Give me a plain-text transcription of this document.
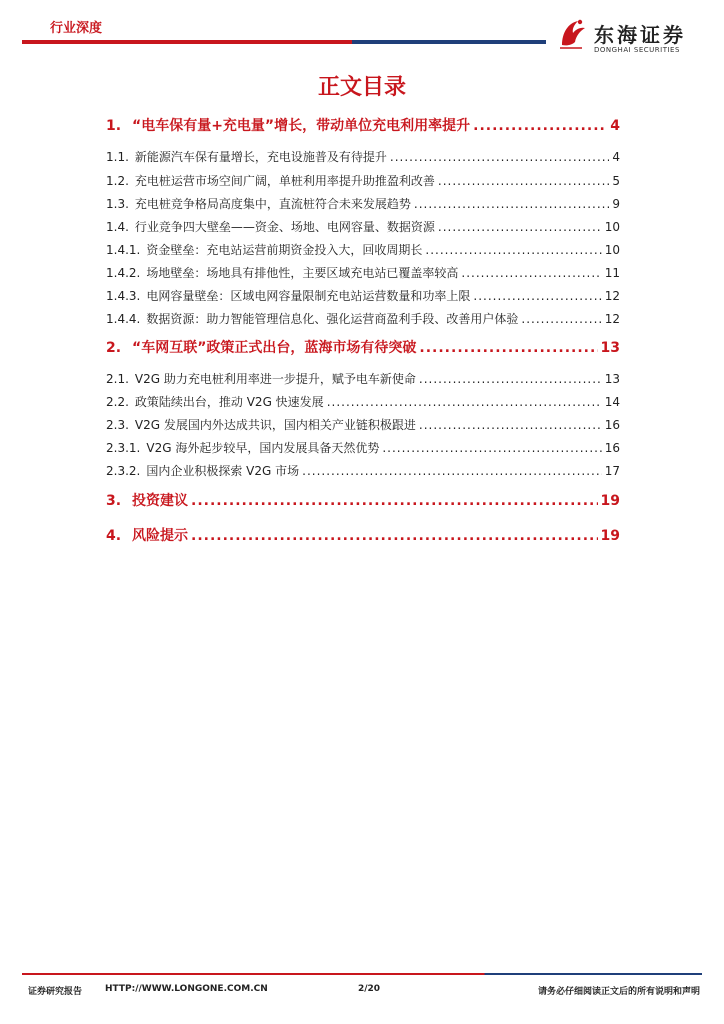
行业深度	东海证券
DONGHAI SECURITIES
正文目录
1. “电车保有量+充电量”增长，带动单位充电利用率提升 .....	4
1.1. 新能源汽车保有量增长，充电设施普及有待提升 .....	4
1.2. 充电桩运营市场空间广阔，单桩利用率提升助推盈利改善 .....	5
1.3. 充电桩竞争格局高度集中，直流桩符合未来发展趋势 .....	9
1.4. 行业竞争四大壁垒——资金、场地、电网容量、数据资源 .....	10
1.4.1. 资金壁垒：充电站运营前期资金投入大，回收周期长 .....	10
1.4.2. 场地壁垒：场地具有排他性，主要区域充电站已覆盖率较高 .....	11
1.4.3. 电网容量壁垒：区域电网容量限制充电站运营数量和功率上限 .....	12
1.4.4. 数据资源：助力智能管理信息化、强化运营商盈利手段、改善用户体验 .....	12
2. “车网互联”政策正式出台，蓝海市场有待突破 .....	13
2.1. V2G 助力充电桩利用率进一步提升，赋予电车新使命 .....	13
2.2. 政策陆续出台，推动 V2G 快速发展 .....	14
2.3. V2G 发展国内外达成共识，国内相关产业链积极跟进 .....	16
2.3.1. V2G 海外起步较早，国内发展具备天然优势 .....	16
2.3.2. 国内企业积极探索 V2G 市场 .....	17
3. 投资建议 .....	19
4. 风险提示 .....	19
证券研究报告	HTTP://WWW.LONGONE.COM.CN	2/20	请务必仔细阅读正文后的所有说明和声明
